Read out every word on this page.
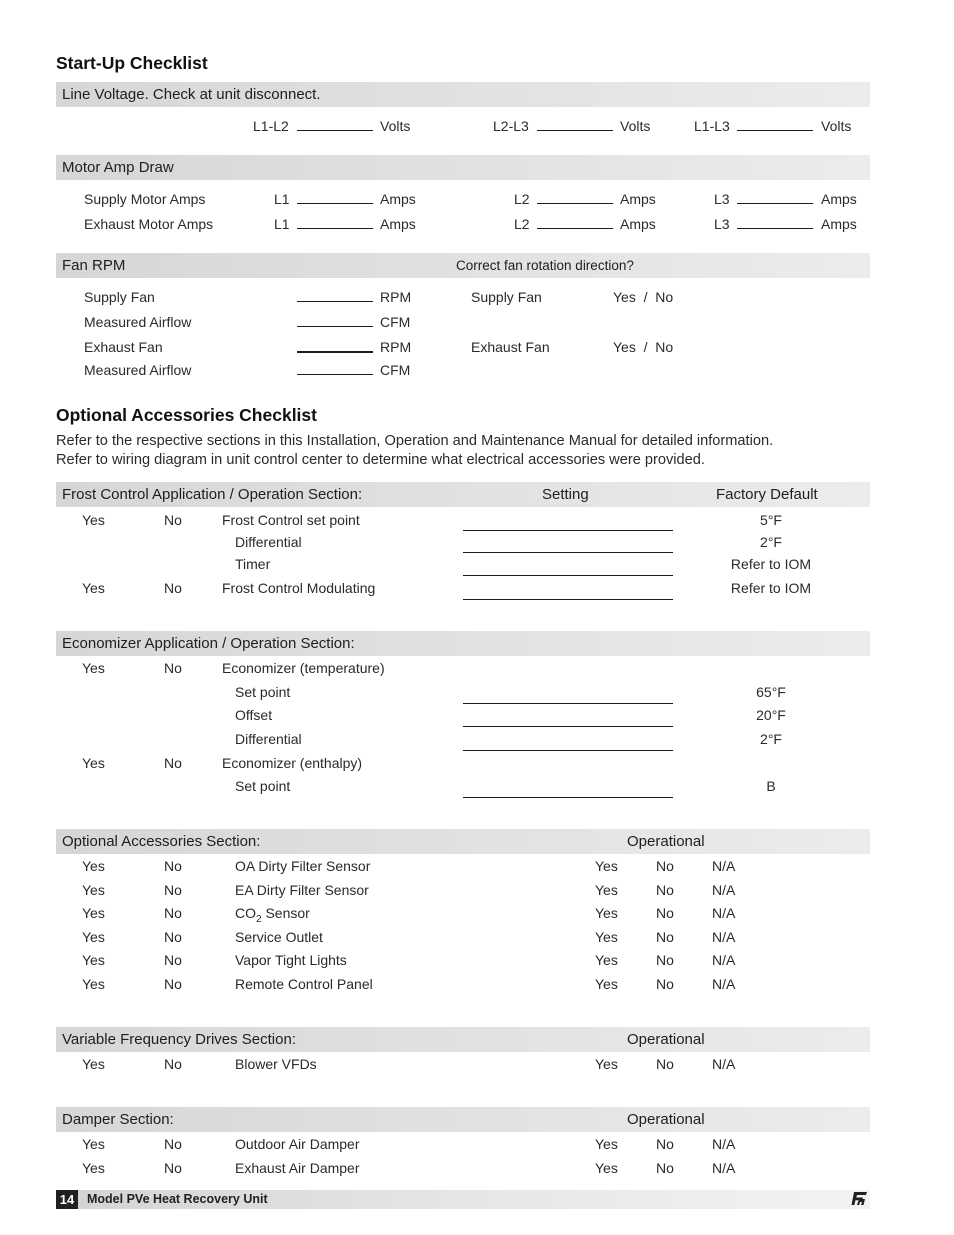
Start-Up Checklist
Line Voltage. Check at unit disconnect.
L1-L2	Volts	L2-L3	Volts	L1-L3	Volts
Motor Amp Draw
Supply Motor Amps	L1	Amps	L2	Amps	L3	Amps
Exhaust Motor Amps	L1	Amps	L2	Amps	L3	Amps
Fan RPM	Correct fan rotation direction?
Supply Fan	RPM
Measured Airflow	CFM
Exhaust Fan	RPM
Measured Airflow	CFM
Supply Fan	Yes  /  No
Exhaust Fan	Yes  /  No
Optional Accessories Checklist
Refer to the respective sections in this Installation, Operation and Maintenance Manual for detailed information.
Refer to wiring diagram in unit control center to determine what electrical accessories were provided.
Frost Control Application / Operation Section:	Setting	Factory Default
Yes	No	Frost Control set point	5°F
Differential	2°F
Timer	Refer to IOM
Yes	No	Frost Control Modulating	Refer to IOM
Economizer Application / Operation Section:
Yes	No	Economizer (temperature)
Set point	65°F
Offset	20°F
Differential	2°F
Yes	No	Economizer (enthalpy)
Set point	B
Optional Accessories Section:	Operational
Yes	No	OA Dirty Filter Sensor	Yes	No	N/A
Yes	No	EA Dirty Filter Sensor	Yes	No	N/A
Yes	No	$CO_2$ Sensor	Yes	No	N/A
Yes	No	Service Outlet	Yes	No	N/A
Yes	No	Vapor Tight Lights	Yes	No	N/A
Yes	No	Remote Control Panel	Yes	No	N/A
Variable Frequency Drives Section:	Operational
Yes	No	Blower VFDs	Yes	No	N/A
Damper Section:	Operational
Yes	No	Outdoor Air Damper	Yes	No	N/A
Yes	No	Exhaust Air Damper	Yes	No	N/A
14	Model PVe Heat Recovery Unit
